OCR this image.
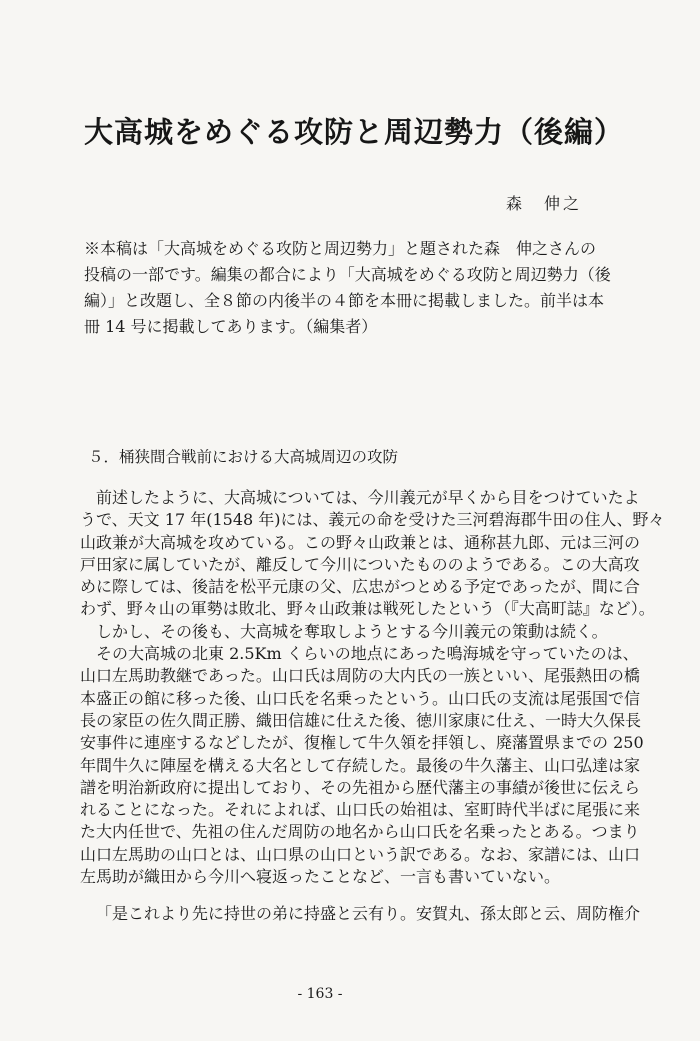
大高城をめぐる攻防と周辺勢力（後編）
森　伸之
※本稿は「大高城をめぐる攻防と周辺勢力」と題された森　伸之さんの
投稿の一部です。編集の都合により「大高城をめぐる攻防と周辺勢力（後
編）」と改題し、全８節の内後半の４節を本冊に掲載しました。前半は本
冊 14 号に掲載してあります。（編集者）
５．桶狭間合戦前における大高城周辺の攻防
　前述したように、大高城については、今川義元が早くから目をつけていたよ
うで、天文 17 年(1548 年)には、義元の命を受けた三河碧海郡牛田の住人、野々
山政兼が大高城を攻めている。この野々山政兼とは、通称甚九郎、元は三河の
戸田家に属していたが、離反して今川についたもののようである。この大高攻
めに際しては、後詰を松平元康の父、広忠がつとめる予定であったが、間に合
わず、野々山の軍勢は敗北、野々山政兼は戦死したという（『大高町誌』など）。
　しかし、その後も、大高城を奪取しようとする今川義元の策動は続く。
　その大高城の北東 2.5Km くらいの地点にあった鳴海城を守っていたのは、
山口左馬助教継であった。山口氏は周防の大内氏の一族といい、尾張熱田の橋
本盛正の館に移った後、山口氏を名乗ったという。山口氏の支流は尾張国で信
長の家臣の佐久間正勝、織田信雄に仕えた後、徳川家康に仕え、一時大久保長
安事件に連座するなどしたが、復権して牛久領を拝領し、廃藩置県までの 250
年間牛久に陣屋を構える大名として存続した。最後の牛久藩主、山口弘達は家
譜を明治新政府に提出しており、その先祖から歴代藩主の事績が後世に伝えら
れることになった。それによれば、山口氏の始祖は、室町時代半ばに尾張に来
た大内任世で、先祖の住んだ周防の地名から山口氏を名乗ったとある。つまり
山口左馬助の山口とは、山口県の山口という訳である。なお、家譜には、山口
左馬助が織田から今川へ寝返ったことなど、一言も書いていない。
「是これより先に持世の弟に持盛と云有り。安賀丸、孫太郎と云、周防権介
- 163 -
